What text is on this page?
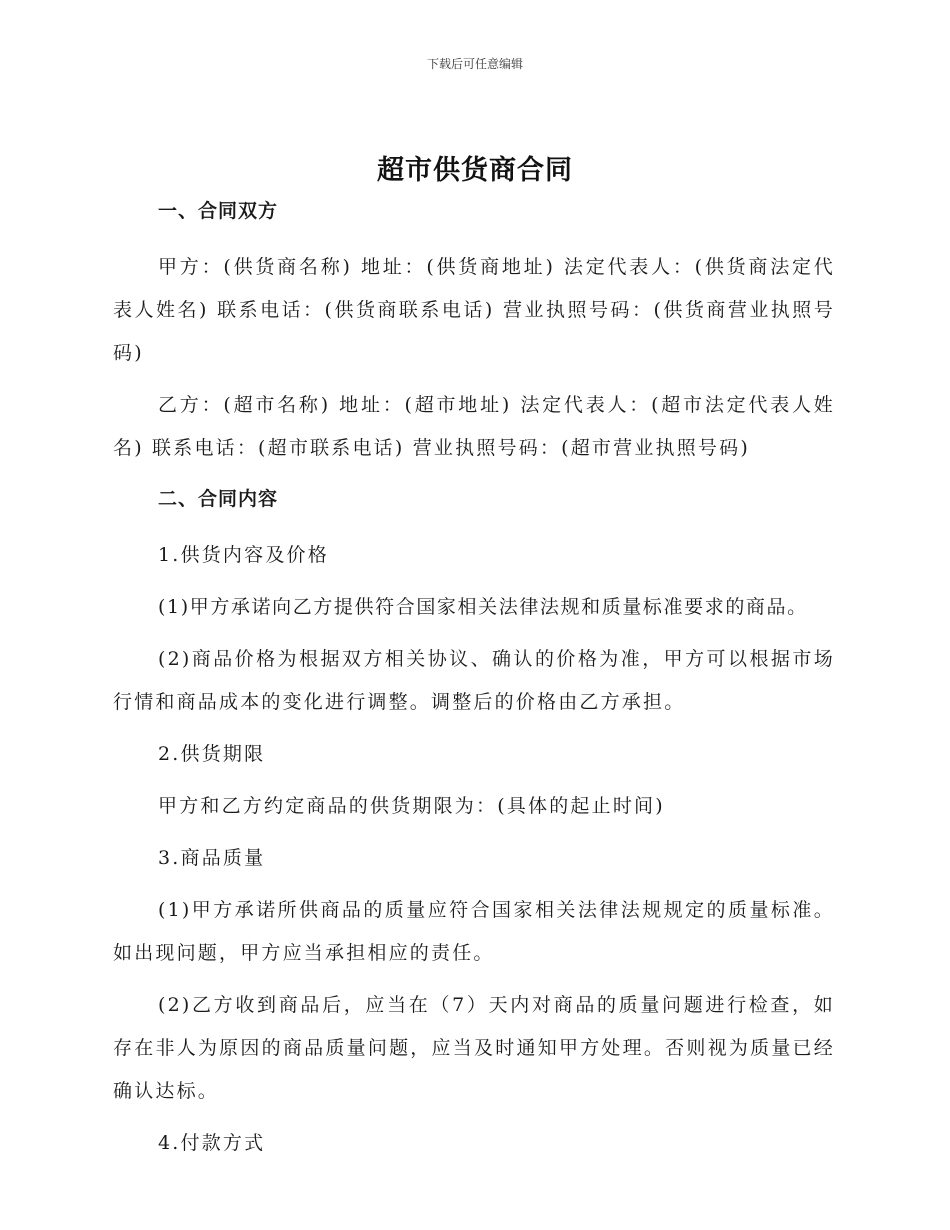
下载后可任意编辑
超市供货商合同
一、合同双方

甲方：(供货商名称) 地址：(供货商地址) 法定代表人：(供货商法定代表人姓名) 联系电话：(供货商联系电话) 营业执照号码：(供货商营业执照号码)

乙方：(超市名称) 地址：(超市地址) 法定代表人：(超市法定代表人姓名) 联系电话：(超市联系电话) 营业执照号码：(超市营业执照号码)

二、合同内容

1.供货内容及价格

(1)甲方承诺向乙方提供符合国家相关法律法规和质量标准要求的商品。

(2)商品价格为根据双方相关协议、确认的价格为准，甲方可以根据市场行情和商品成本的变化进行调整。调整后的价格由乙方承担。

2.供货期限

甲方和乙方约定商品的供货期限为：(具体的起止时间)

3.商品质量

(1)甲方承诺所供商品的质量应符合国家相关法律法规规定的质量标准。如出现问题，甲方应当承担相应的责任。

(2)乙方收到商品后，应当在（7）天内对商品的质量问题进行检查，如存在非人为原因的商品质量问题，应当及时通知甲方处理。否则视为质量已经确认达标。

4.付款方式
